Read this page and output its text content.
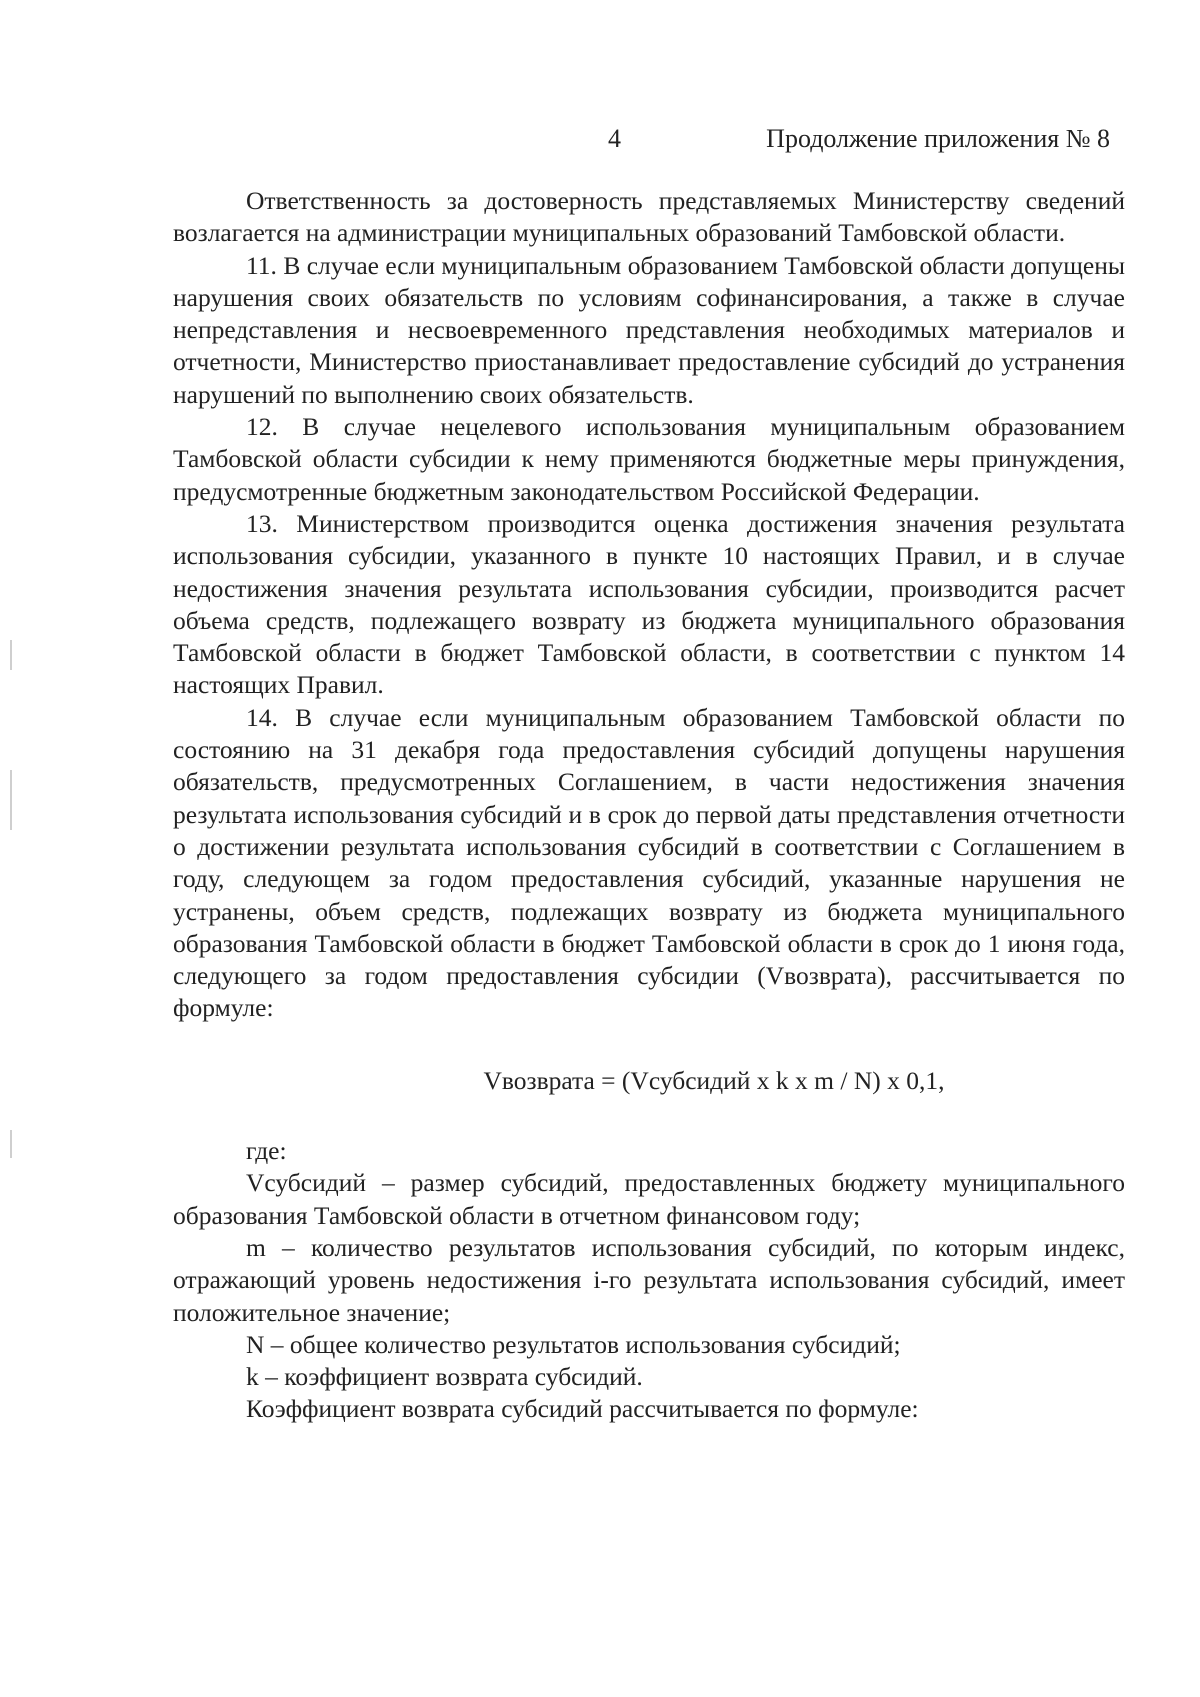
4	Продолжение приложения № 8

Ответственность за достоверность представляемых Министерству сведений возлагается на администрации муниципальных образований Тамбовской области.

11. В случае если муниципальным образованием Тамбовской области допущены нарушения своих обязательств по условиям софинансирования, а также в случае непредставления и несвоевременного представления необходимых материалов и отчетности, Министерство приостанавливает предоставление субсидий до устранения нарушений по выполнению своих обязательств.

12. В случае нецелевого использования муниципальным образованием Тамбовской области субсидии к нему применяются бюджетные меры принуждения, предусмотренные бюджетным законодательством Российской Федерации.

13. Министерством производится оценка достижения значения результата использования субсидии, указанного в пункте 10 настоящих Правил, и в случае недостижения значения результата использования субсидии, производится расчет объема средств, подлежащего возврату из бюджета муниципального образования Тамбовской области в бюджет Тамбовской области, в соответствии с пунктом 14 настоящих Правил.

14. В случае если муниципальным образованием Тамбовской области по состоянию на 31 декабря года предоставления субсидий допущены нарушения обязательств, предусмотренных Соглашением, в части недостижения значения результата использования субсидий и в срок до первой даты представления отчетности о достижении результата использования субсидий в соответствии с Соглашением в году, следующем за годом предоставления субсидий, указанные нарушения не устранены, объем средств, подлежащих возврату из бюджета муниципального образования Тамбовской области в бюджет Тамбовской области в срок до 1 июня года, следующего за годом предоставления субсидии (Vвозврата), рассчитывается по формуле:

Vвозврата = (Vсубсидий x k x m / N) x 0,1,

где:

Vсубсидий – размер субсидий, предоставленных бюджету муниципального образования Тамбовской области в отчетном финансовом году;

m – количество результатов использования субсидий, по которым индекс, отражающий уровень недостижения i-го результата использования субсидий, имеет положительное значение;

N – общее количество результатов использования субсидий;

k – коэффициент возврата субсидий.

Коэффициент возврата субсидий рассчитывается по формуле:
